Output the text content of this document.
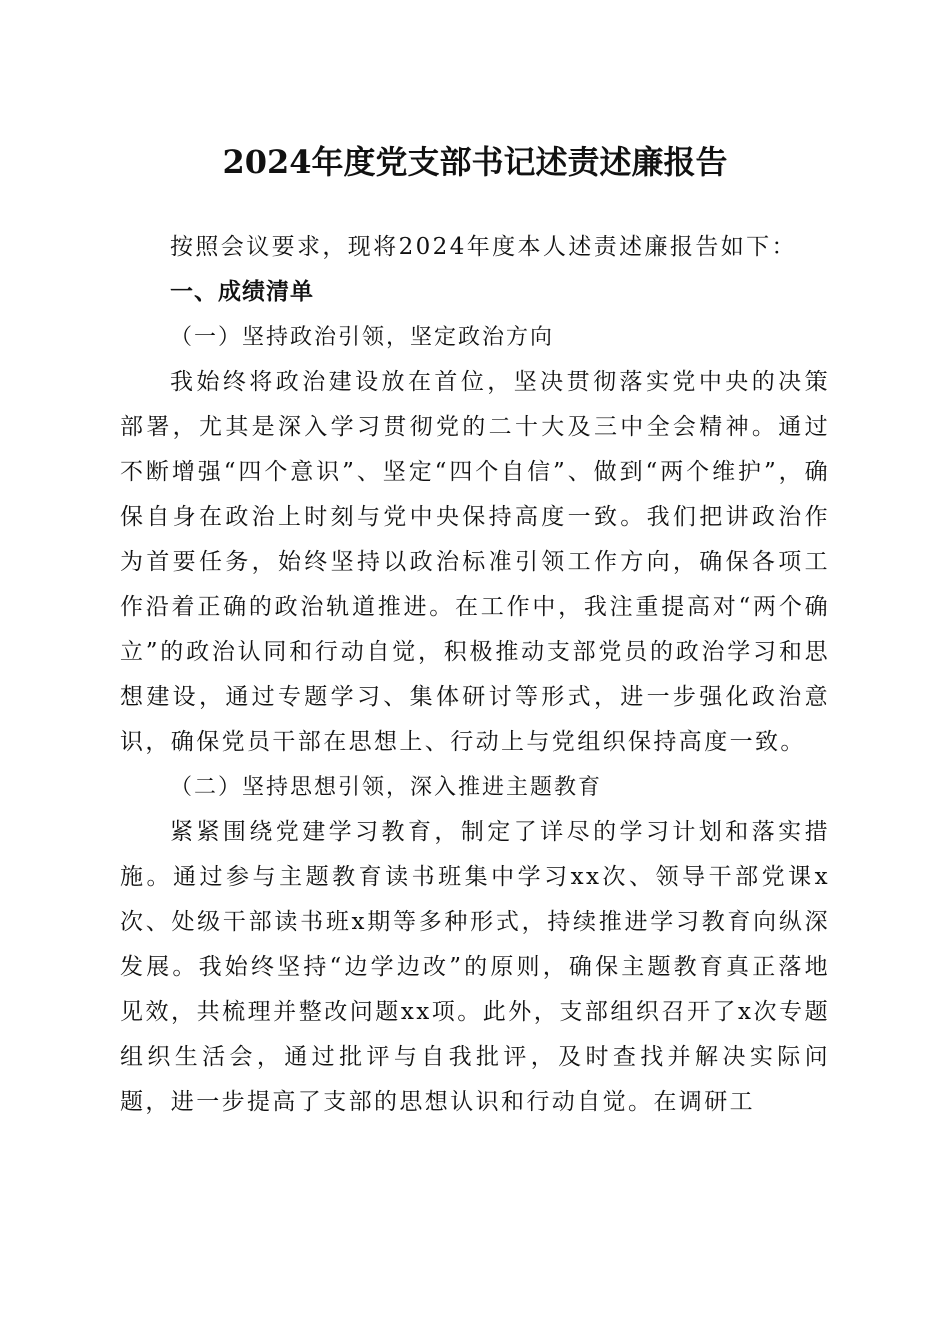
2024年度党支部书记述责述廉报告

按照会议要求，现将2024年度本人述责述廉报告如下：

一、成绩清单

（一）坚持政治引领，坚定政治方向

我始终将政治建设放在首位，坚决贯彻落实党中央的决策部署，尤其是深入学习贯彻党的二十大及三中全会精神。通过不断增强“四个意识”、坚定“四个自信”、做到“两个维护”，确保自身在政治上时刻与党中央保持高度一致。我们把讲政治作为首要任务，始终坚持以政治标准引领工作方向，确保各项工作沿着正确的政治轨道推进。在工作中，我注重提高对“两个确立”的政治认同和行动自觉，积极推动支部党员的政治学习和思想建设，通过专题学习、集体研讨等形式，进一步强化政治意识，确保党员干部在思想上、行动上与党组织保持高度一致。

（二）坚持思想引领，深入推进主题教育

紧紧围绕党建学习教育，制定了详尽的学习计划和落实措施。通过参与主题教育读书班集中学习xx次、领导干部党课x次、处级干部读书班x期等多种形式，持续推进学习教育向纵深发展。我始终坚持“边学边改”的原则，确保主题教育真正落地见效，共梳理并整改问题xx项。此外，支部组织召开了x次专题组织生活会，通过批评与自我批评，及时查找并解决实际问题，进一步提高了支部的思想认识和行动自觉。在调研工
